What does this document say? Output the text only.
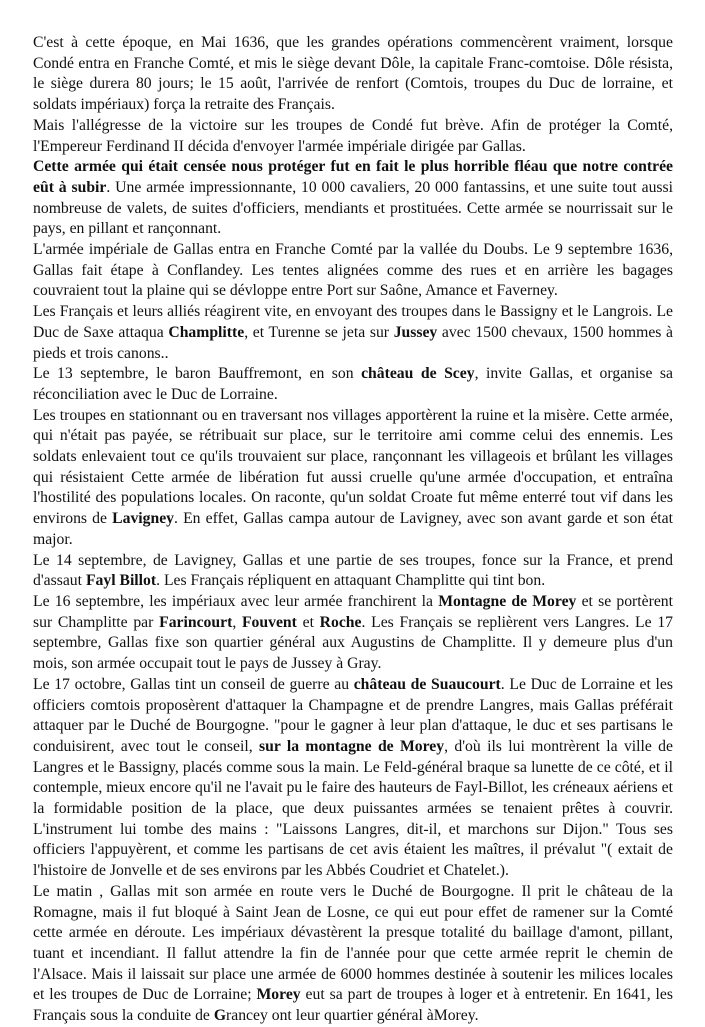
C'est à cette époque, en Mai 1636, que les grandes opérations commencèrent vraiment, lorsque Condé entra en Franche Comté, et mis le siège devant Dôle, la capitale Franc-comtoise. Dôle résista, le siège durera 80 jours; le 15 août, l'arrivée de renfort (Comtois, troupes du Duc de lorraine, et soldats impériaux) força la retraite des Français.

Mais l'allégresse de la victoire sur les troupes de Condé fut brève. Afin de protéger la Comté, l'Empereur Ferdinand II décida d'envoyer l'armée impériale dirigée par Gallas.

Cette armée qui était censée nous protéger fut en fait le plus horrible fléau que notre contrée eût à subir. Une armée impressionnante, 10 000 cavaliers, 20 000 fantassins, et une suite tout aussi nombreuse de valets, de suites d'officiers, mendiants et prostituées. Cette armée se nourrissait sur le pays, en pillant et rançonnant.

L'armée impériale de Gallas entra en Franche Comté par la vallée du Doubs. Le 9 septembre 1636, Gallas fait étape à Conflandey. Les tentes alignées comme des rues et en arrière les bagages couvraient tout la plaine qui se dévloppe entre Port sur Saône, Amance et Faverney.

Les Français et leurs alliés réagirent vite, en envoyant des troupes dans le Bassigny et le Langrois. Le Duc de Saxe attaqua Champlitte, et Turenne se jeta sur Jussey avec 1500 chevaux, 1500 hommes à pieds et trois canons..

Le 13 septembre, le baron Bauffremont, en son château de Scey, invite Gallas, et organise sa réconciliation avec le Duc de Lorraine.

Les troupes en stationnant ou en traversant nos villages apportèrent la ruine et la misère. Cette armée, qui n'était pas payée, se rétribuait sur place, sur le territoire ami comme celui des ennemis. Les soldats enlevaient tout ce qu'ils trouvaient sur place, rançonnant les villageois et brûlant les villages qui résistaient Cette armée de libération fut aussi cruelle qu'une armée d'occupation, et entraîna l'hostilité des populations locales. On raconte, qu'un soldat Croate fut même enterré tout vif dans les environs de Lavigney. En effet, Gallas campa autour de Lavigney, avec son avant garde et son état major.

Le 14 septembre, de Lavigney, Gallas et une partie de ses troupes, fonce sur la France, et prend d'assaut Fayl Billot. Les Français répliquent en attaquant Champlitte qui tint bon.

Le 16 septembre, les impériaux avec leur armée franchirent la Montagne de Morey et se portèrent sur Champlitte par Farincourt, Fouvent et Roche. Les Français se replièrent vers Langres. Le 17 septembre, Gallas fixe son quartier général aux Augustins de Champlitte. Il y demeure plus d'un mois, son armée occupait tout le pays de Jussey à Gray.

Le 17 octobre, Gallas tint un conseil de guerre au château de Suaucourt. Le Duc de Lorraine et les officiers comtois proposèrent d'attaquer la Champagne et de prendre Langres, mais Gallas préférait attaquer par le Duché de Bourgogne. "pour le gagner à leur plan d'attaque, le duc et ses partisans le conduisirent, avec tout le conseil, sur la montagne de Morey, d'où ils lui montrèrent la ville de Langres et le Bassigny, placés comme sous la main. Le Feld-général braque sa lunette de ce côté, et il contemple, mieux encore qu'il ne l'avait pu le faire des hauteurs de Fayl-Billot, les créneaux aériens et la formidable position de la place, que deux puissantes armées se tenaient prêtes à couvrir. L'instrument lui tombe des mains : "Laissons Langres, dit-il, et marchons sur Dijon." Tous ses officiers l'appuyèrent, et comme les partisans de cet avis étaient les maîtres, il prévalut "( extait de l'histoire de Jonvelle et de ses environs par les Abbés Coudriet et Chatelet.).

Le matin , Gallas mit son armée en route vers le Duché de Bourgogne. Il prit le château de la Romagne, mais il fut bloqué à Saint Jean de Losne, ce qui eut pour effet de ramener sur la Comté cette armée en déroute. Les impériaux dévastèrent la presque totalité du baillage d'amont, pillant, tuant et incendiant. Il fallut attendre la fin de l'année pour que cette armée reprit le chemin de l'Alsace. Mais il laissait sur place une armée de 6000 hommes destinée à soutenir les milices locales et les troupes de Duc de Lorraine; Morey eut sa part de troupes à loger et à entretenir. En 1641, les Français sous la conduite de Grancey ont leur quartier général àMorey.
